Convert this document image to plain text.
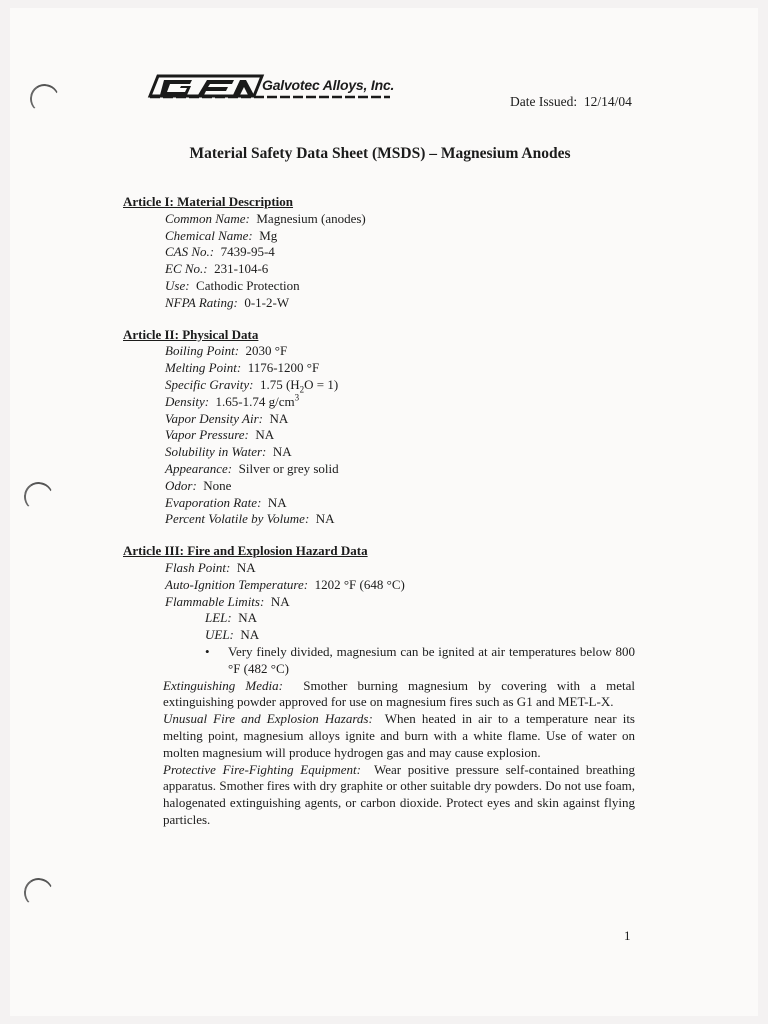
Galvotec Alloys, Inc.
Date Issued: 12/14/04
Material Safety Data Sheet (MSDS) – Magnesium Anodes
Article I: Material Description
Common Name: Magnesium (anodes)
Chemical Name: Mg
CAS No.: 7439-95-4
EC No.: 231-104-6
Use: Cathodic Protection
NFPA Rating: 0-1-2-W
Article II: Physical Data
Boiling Point: 2030 °F
Melting Point: 1176-1200 °F
Specific Gravity: 1.75 $(H_2O = 1)$
Density: 1.65-1.74 $g/cm^3$
Vapor Density Air: NA
Vapor Pressure: NA
Solubility in Water: NA
Appearance: Silver or grey solid
Odor: None
Evaporation Rate: NA
Percent Volatile by Volume: NA
Article III: Fire and Explosion Hazard Data
Flash Point: NA
Auto-Ignition Temperature: 1202 °F (648 °C)
Flammable Limits: NA
LEL: NA
UEL: NA
• Very finely divided, magnesium can be ignited at air temperatures below 800 °F (482 °C)
Extinguishing Media: Smother burning magnesium by covering with a metal extinguishing powder approved for use on magnesium fires such as G1 and MET-L-X.
Unusual Fire and Explosion Hazards: When heated in air to a temperature near its melting point, magnesium alloys ignite and burn with a white flame. Use of water on molten magnesium will produce hydrogen gas and may cause explosion.
Protective Fire-Fighting Equipment: Wear positive pressure self-contained breathing apparatus. Smother fires with dry graphite or other suitable dry powders. Do not use foam, halogenated extinguishing agents, or carbon dioxide. Protect eyes and skin against flying particles.
1
